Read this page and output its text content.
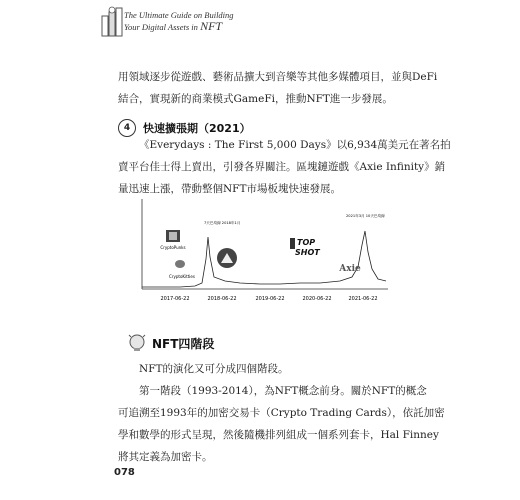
The Ultimate Guide on Building
Your Digital Assets in NFT
用領域逐步從遊戲、藝術品擴大到音樂等其他多媒體項目，並與DeFi
結合，實現新的商業模式GameFi，推動NFT進一步發展。
4	快速擴張期（2021）
《Everydays : The First 5,000 Days》以6,934萬美元在著名拍
賣平台佳士得上賣出，引發各界關注。區塊鏈遊戲《Axie Infinity》銷
量迅速上漲，帶動整個NFT市場板塊快速發展。
2017-06-22	2018-06-22	2019-06-22	2020-06-22	2021-06-22
7天巴均線 2018年1月
2021年3月 10天巴均線
CryptoPunks
CryptoKitties
TOP
SHOT
Axie
NFT四階段
NFT的演化又可分成四個階段。
第一階段（1993-2014），為NFT概念前身。關於NFT的概念
可追溯至1993年的加密交易卡（Crypto Trading Cards），依託加密
學和數學的形式呈現，然後隨機排列組成一個系列套卡，Hal Finney
將其定義為加密卡。
078
